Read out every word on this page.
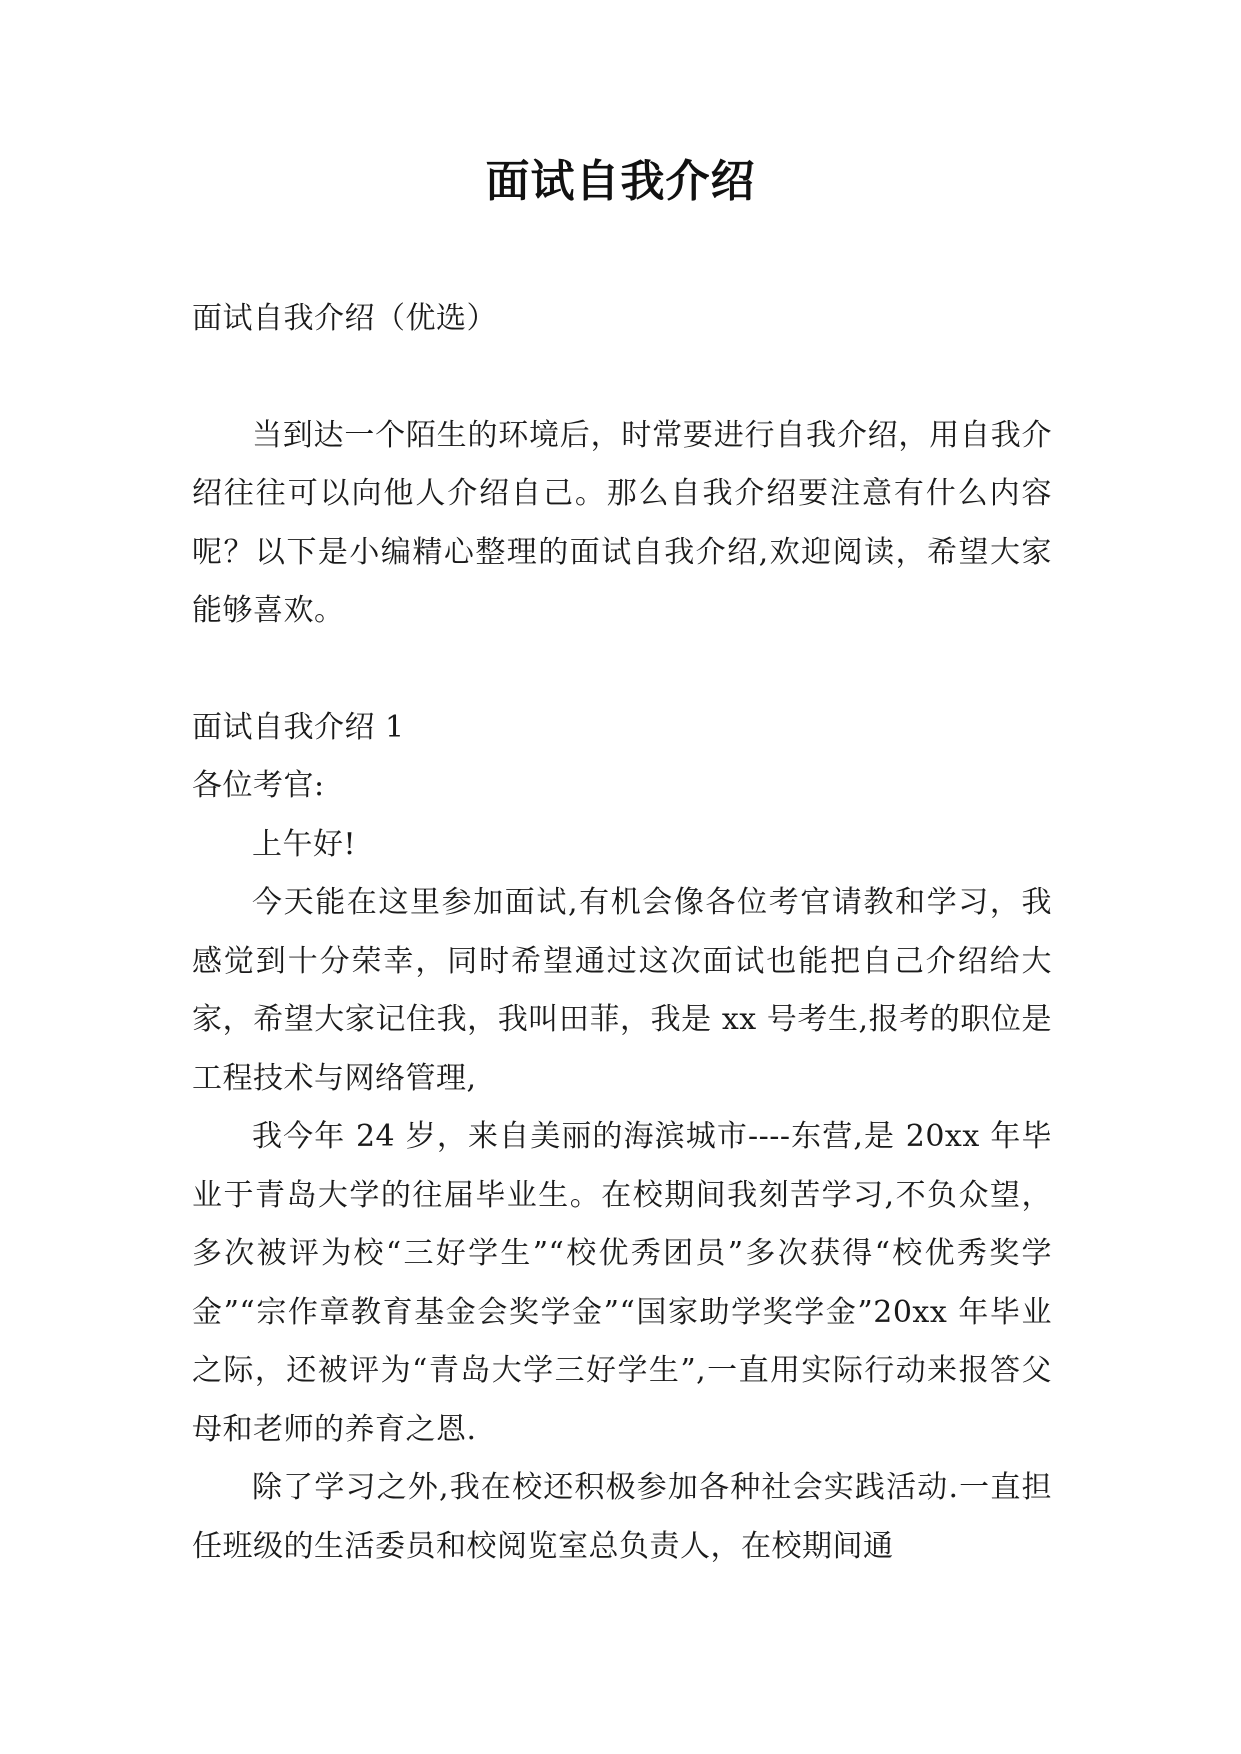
面试自我介绍

面试自我介绍（优选）

当到达一个陌生的环境后，时常要进行自我介绍，用自我介绍往往可以向他人介绍自己。那么自我介绍要注意有什么内容呢？以下是小编精心整理的面试自我介绍,欢迎阅读，希望大家能够喜欢。

面试自我介绍 1

各位考官:

上午好!

今天能在这里参加面试,有机会像各位考官请教和学习，我感觉到十分荣幸，同时希望通过这次面试也能把自己介绍给大家，希望大家记住我，我叫田菲，我是 xx 号考生,报考的职位是工程技术与网络管理,

我今年 24 岁，来自美丽的海滨城市----东营,是 20xx 年毕业于青岛大学的往届毕业生。在校期间我刻苦学习,不负众望，多次被评为校“三好学生”“校优秀团员”多次获得“校优秀奖学金”“宗作章教育基金会奖学金”“国家助学奖学金”20xx 年毕业之际，还被评为“青岛大学三好学生”,一直用实际行动来报答父母和老师的养育之恩.

除了学习之外,我在校还积极参加各种社会实践活动.一直担任班级的生活委员和校阅览室总负责人，在校期间通
